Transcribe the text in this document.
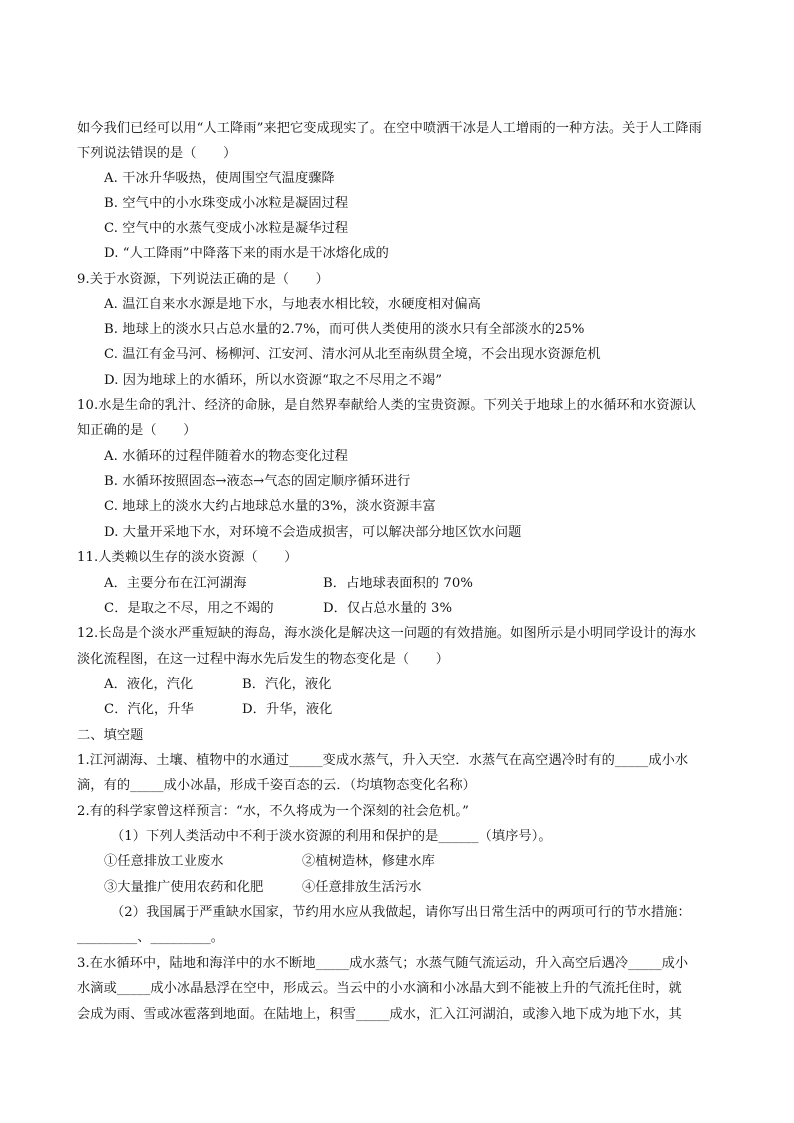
如今我们已经可以用“人工降雨”来把它变成现实了。在空中喷洒干冰是人工增雨的一种方法。关于人工降雨
下列说法错误的是（　　）
A. 干冰升华吸热，使周围空气温度骤降
B. 空气中的小水珠变成小冰粒是凝固过程
C. 空气中的水蒸气变成小冰粒是凝华过程
D. “人工降雨”中降落下来的雨水是干冰熔化成的
9.关于水资源，下列说法正确的是（　　）
A. 温江自来水水源是地下水，与地表水相比较，水硬度相对偏高
B. 地球上的淡水只占总水量的2.7%，而可供人类使用的淡水只有全部淡水的25%
C. 温江有金马河、杨柳河、江安河、清水河从北至南纵贯全境，不会出现水资源危机
D. 因为地球上的水循环，所以水资源“取之不尽用之不竭”
10.水是生命的乳汁、经济的命脉，是自然界奉献给人类的宝贵资源。下列关于地球上的水循环和水资源认
知正确的是（　　）
A. 水循环的过程伴随着水的物态变化过程
B. 水循环按照固态→液态→气态的固定顺序循环进行
C. 地球上的淡水大约占地球总水量的3%，淡水资源丰富
D. 大量开采地下水，对环境不会造成损害，可以解决部分地区饮水问题
11.人类赖以生存的淡水资源（　　）
A．主要分布在江河湖海	B．占地球表面积的 70%
C．是取之不尽，用之不竭的	D．仅占总水量的 3%
12.长岛是个淡水严重短缺的海岛，海水淡化是解决这一问题的有效措施。如图所示是小明同学设计的海水
淡化流程图，在这一过程中海水先后发生的物态变化是（　　）
A．液化，汽化	B．汽化，液化
C．汽化，升华	D．升华，液化
二、填空题
1.江河湖海、土壤、植物中的水通过_____变成水蒸气，升入天空．水蒸气在高空遇冷时有的_____成小水
滴，有的_____成小冰晶，形成千姿百态的云．（均填物态变化名称）
2.有的科学家曾这样预言：“水，不久将成为一个深刻的社会危机。”
（1）下列人类活动中不利于淡水资源的利用和保护的是______（填序号）。
①任意排放工业废水	②植树造林，修建水库
③大量推广使用农药和化肥	④任意排放生活污水
（2）我国属于严重缺水国家，节约用水应从我做起，请你写出日常生活中的两项可行的节水措施：
_________、_________。
3.在水循环中，陆地和海洋中的水不断地_____成水蒸气；水蒸气随气流运动，升入高空后遇冷_____成小
水滴或_____成小冰晶悬浮在空中，形成云。当云中的小水滴和小冰晶大到不能被上升的气流托住时，就
会成为雨、雪或冰雹落到地面。在陆地上，积雪_____成水，汇入江河湖泊，或渗入地下成为地下水，其
